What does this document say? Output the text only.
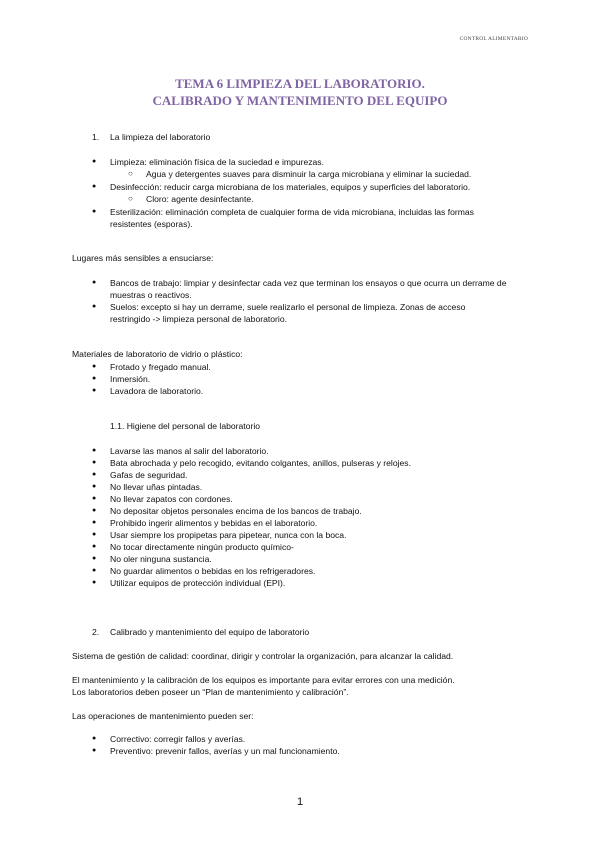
CONTROL ALIMENTARIO
TEMA 6 LIMPIEZA DEL LABORATORIO.
CALIBRADO Y MANTENIMIENTO DEL EQUIPO
1. La limpieza del laboratorio
● Limpieza: eliminación física de la suciedad e impurezas.
○ Agua y detergentes suaves para disminuir la carga microbiana y eliminar la suciedad.
● Desinfección: reducir carga microbiana de los materiales, equipos y superficies del laboratorio.
○ Cloro: agente desinfectante.
● Esterilización: eliminación completa de cualquier forma de vida microbiana, incluidas las formas
resistentes (esporas).
Lugares más sensibles a ensuciarse:
● Bancos de trabajo: limpiar y desinfectar cada vez que terminan los ensayos o que ocurra un derrame de
muestras o reactivos.
● Suelos: excepto si hay un derrame, suele realizarlo el personal de limpieza. Zonas de acceso
restringido -> limpieza personal de laboratorio.
Materiales de laboratorio de vidrio o plástico:
● Frotado y fregado manual.
● Inmersión.
● Lavadora de laboratorio.
1.1. Higiene del personal de laboratorio
● Lavarse las manos al salir del laboratorio.
● Bata abrochada y pelo recogido, evitando colgantes, anillos, pulseras y relojes.
● Gafas de seguridad.
● No llevar uñas pintadas.
● No llevar zapatos con cordones.
● No depositar objetos personales encima de los bancos de trabajo.
● Prohibido ingerir alimentos y bebidas en el laboratorio.
● Usar siempre los propipetas para pipetear, nunca con la boca.
● No tocar directamente ningún producto químico-
● No oler ninguna sustancia.
● No guardar alimentos o bebidas en los refrigeradores.
● Utilizar equipos de protección individual (EPI).
2. Calibrado y mantenimiento del equipo de laboratorio
Sistema de gestión de calidad: coordinar, dirigir y controlar la organización, para alcanzar la calidad.
El mantenimiento y la calibración de los equipos es importante para evitar errores con una medición.
Los laboratorios deben poseer un “Plan de mantenimiento y calibración”.
Las operaciones de mantenimiento pueden ser:
● Correctivo: corregir fallos y averías.
● Preventivo: prevenir fallos, averías y un mal funcionamiento.
1
